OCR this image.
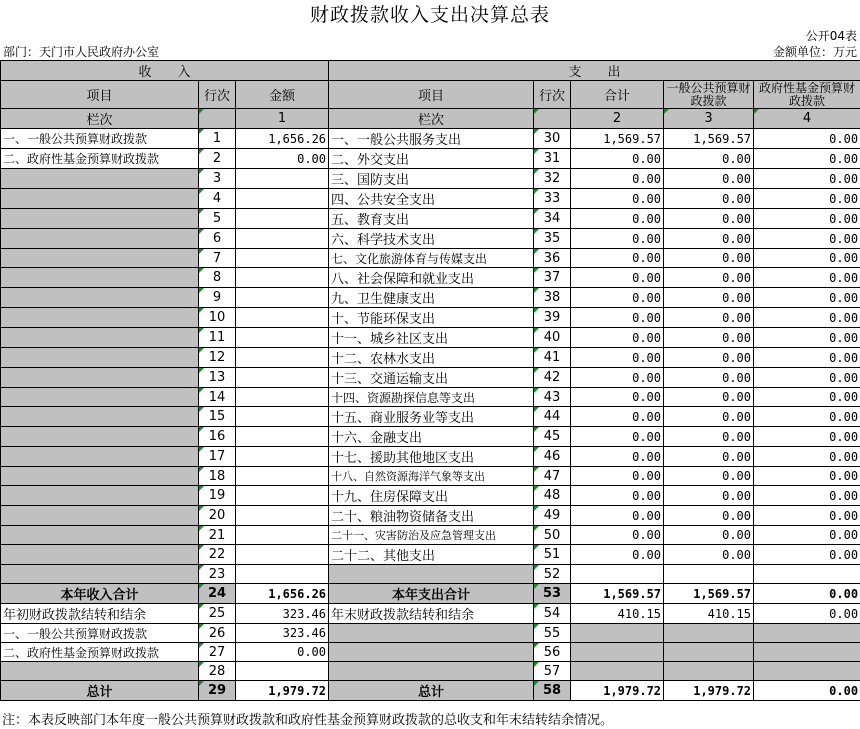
财政拨款收入支出决算总表
公开04表
部门：天门市人民政府办公室	金额单位：万元
收　　入			支　　出				
项目	行次	金额	项目	行次	合计	一般公共预算财政拨款	政府性基金预算财政拨款

栏次		1	栏次		2	3	4
一、一般公共预算财政拨款	1	1,656.26	一、一般公共服务支出	30	1,569.57	1,569.57	0.00
二、政府性基金预算财政拨款	2	0.00	二、外交支出	31	0.00	0.00	0.00
	3		三、国防支出	32	0.00	0.00	0.00
	4		四、公共安全支出	33	0.00	0.00	0.00
	5		五、教育支出	34	0.00	0.00	0.00
	6		六、科学技术支出	35	0.00	0.00	0.00
	7		七、文化旅游体育与传媒支出	36	0.00	0.00	0.00
	8		八、社会保障和就业支出	37	0.00	0.00	0.00
	9		九、卫生健康支出	38	0.00	0.00	0.00
	10		十、节能环保支出	39	0.00	0.00	0.00
	11		十一、城乡社区支出	40	0.00	0.00	0.00
	12		十二、农林水支出	41	0.00	0.00	0.00
	13		十三、交通运输支出	42	0.00	0.00	0.00
	14		十四、资源勘探信息等支出	43	0.00	0.00	0.00
	15		十五、商业服务业等支出	44	0.00	0.00	0.00
	16		十六、金融支出	45	0.00	0.00	0.00
	17		十七、援助其他地区支出	46	0.00	0.00	0.00
	18		十八、自然资源海洋气象等支出	47	0.00	0.00	0.00
	19		十九、住房保障支出	48	0.00	0.00	0.00
	20		二十、粮油物资储备支出	49	0.00	0.00	0.00
	21		二十一、灾害防治及应急管理支出	50	0.00	0.00	0.00
	22		二十二、其他支出	51	0.00	0.00	0.00
	23			52			
本年收入合计	24	1,656.26	本年支出合计	53	1,569.57	1,569.57	0.00
年初财政拨款结转和结余	25	323.46	年末财政拨款结转和结余	54	410.15	410.15	0.00
一、一般公共预算财政拨款	26	323.46		55			
二、政府性基金预算财政拨款	27	0.00		56			
	28			57			
总计	29	1,979.72	总计	58	1,979.72	1,979.72	0.00
注：本表反映部门本年度一般公共预算财政拨款和政府性基金预算财政拨款的总收支和年末结转结余情况。
